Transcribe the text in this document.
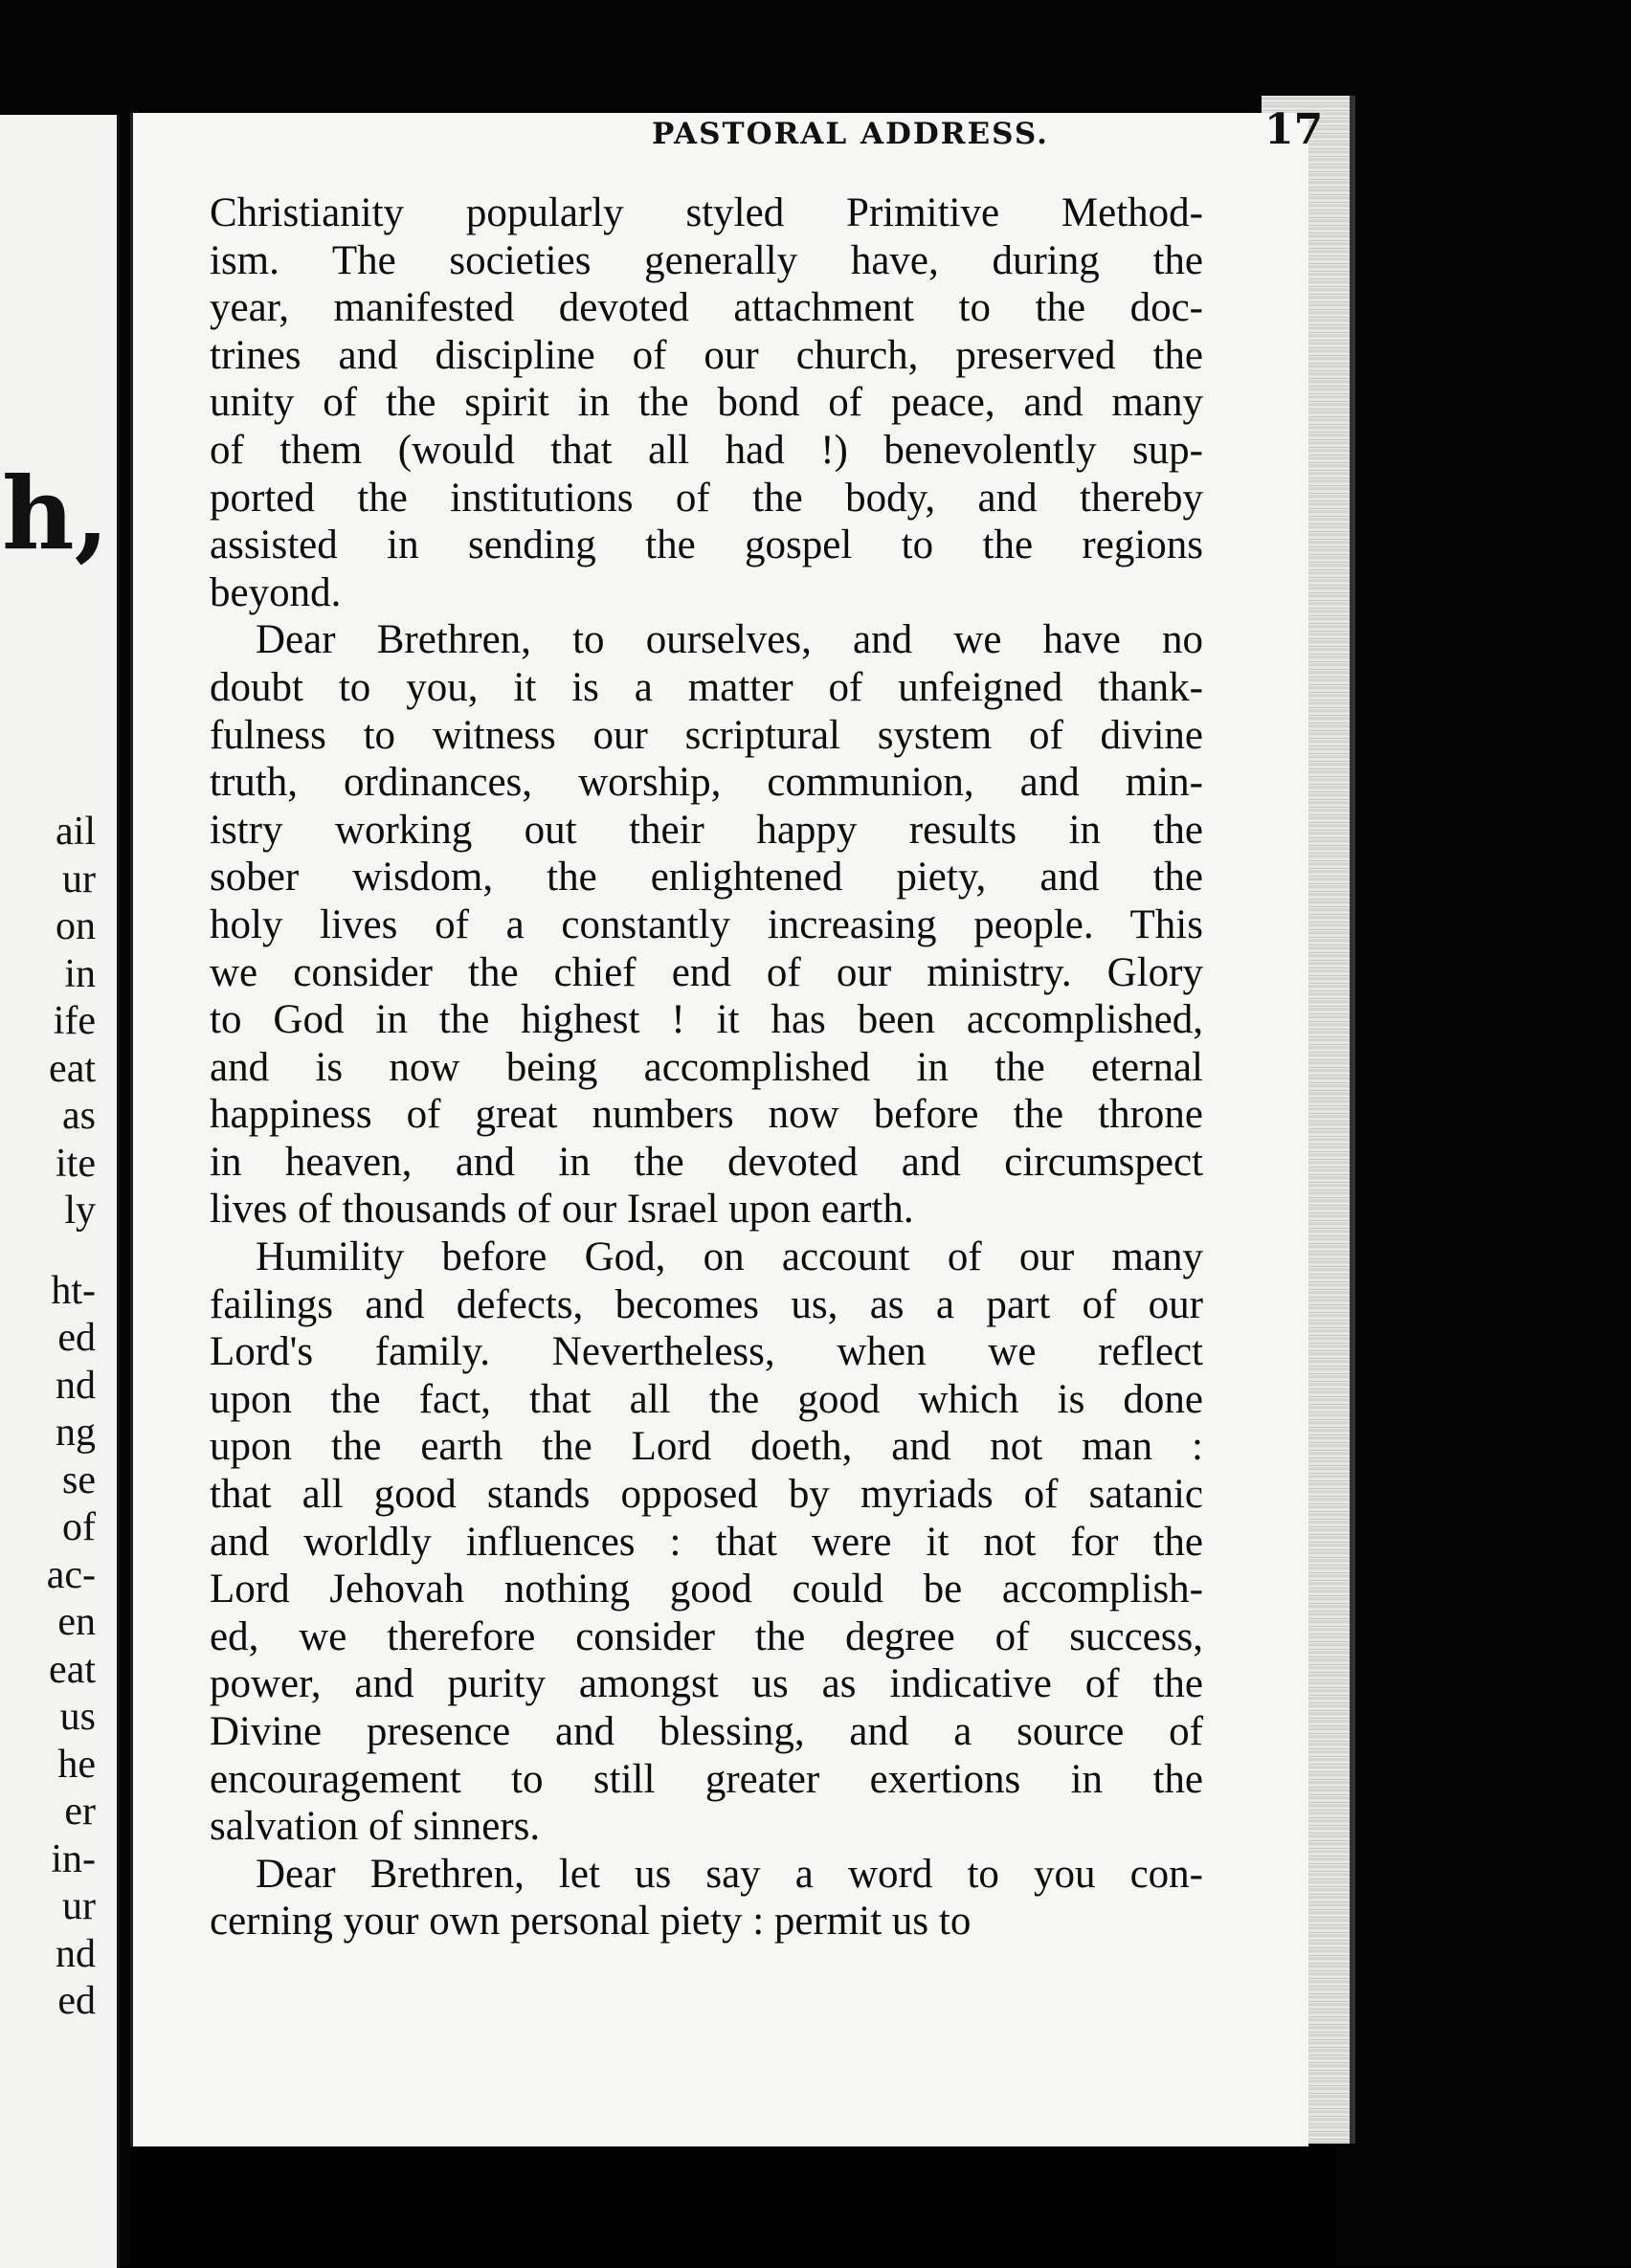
h,
ail
ur
on
in
ife
eat
as
ite
ly
ht-
ed
nd
ng
se
of
ac-
en
eat
us
he
er
in-
ur
nd
ed
PASTORAL ADDRESS.	17
Christianity popularly styled Primitive Method-
ism. The societies generally have, during the
year, manifested devoted attachment to the doc-
trines and discipline of our church, preserved the
unity of the spirit in the bond of peace, and many
of them (would that all had !) benevolently sup-
ported the institutions of the body, and thereby
assisted in sending the gospel to the regions
beyond.
Dear Brethren, to ourselves, and we have no
doubt to you, it is a matter of unfeigned thank-
fulness to witness our scriptural system of divine
truth, ordinances, worship, communion, and min-
istry working out their happy results in the
sober wisdom, the enlightened piety, and the
holy lives of a constantly increasing people. This
we consider the chief end of our ministry. Glory
to God in the highest ! it has been accomplished,
and is now being accomplished in the eternal
happiness of great numbers now before the throne
in heaven, and in the devoted and circumspect
lives of thousands of our Israel upon earth.
Humility before God, on account of our many
failings and defects, becomes us, as a part of our
Lord's family. Nevertheless, when we reflect
upon the fact, that all the good which is done
upon the earth the Lord doeth, and not man :
that all good stands opposed by myriads of satanic
and worldly influences : that were it not for the
Lord Jehovah nothing good could be accomplish-
ed, we therefore consider the degree of success,
power, and purity amongst us as indicative of the
Divine presence and blessing, and a source of
encouragement to still greater exertions in the
salvation of sinners.
Dear Brethren, let us say a word to you con-
cerning your own personal piety : permit us to
